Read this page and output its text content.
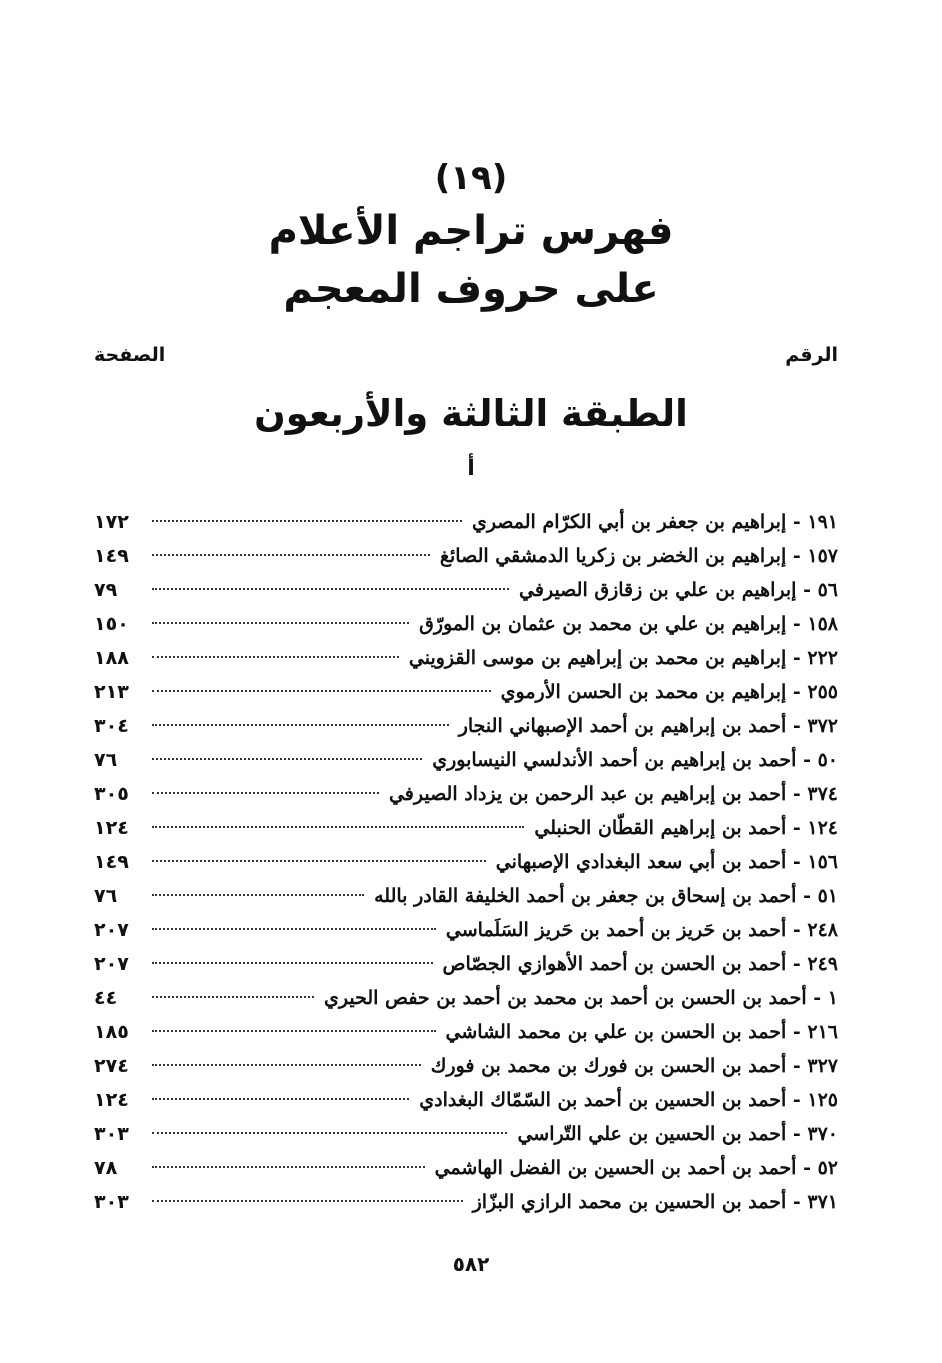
(١٩)
فهرس تراجم الأعلام
على حروف المعجم
الرقم
الصفحة
الطبقة الثالثة والأربعون
أ
١٩١ - إبراهيم بن جعفر بن أبي الكرّام المصري
١٧٢
١٥٧ - إبراهيم بن الخضر بن زكريا الدمشقي الصائغ
١٤٩
٥٦ - إبراهيم بن علي بن زقازق الصيرفي
٧٩
١٥٨ - إبراهيم بن علي بن محمد بن عثمان بن المورّق
١٥٠
٢٢٢ - إبراهيم بن محمد بن إبراهيم بن موسى القزويني
١٨٨
٢٥٥ - إبراهيم بن محمد بن الحسن الأرموي
٢١٣
٣٧٢ - أحمد بن إبراهيم بن أحمد الإصبهاني النجار
٣٠٤
٥٠ - أحمد بن إبراهيم بن أحمد الأندلسي النيسابوري
٧٦
٣٧٤ - أحمد بن إبراهيم بن عبد الرحمن بن يزداد الصيرفي
٣٠٥
١٢٤ - أحمد بن إبراهيم القطّان الحنبلي
١٢٤
١٥٦ - أحمد بن أبي سعد البغدادي الإصبهاني
١٤٩
٥١ - أحمد بن إسحاق بن جعفر بن أحمد الخليفة القادر بالله
٧٦
٢٤٨ - أحمد بن حَريز بن أحمد بن حَريز السَلَماسي
٢٠٧
٢٤٩ - أحمد بن الحسن بن أحمد الأهوازي الجصّاص
٢٠٧
١ - أحمد بن الحسن بن أحمد بن محمد بن أحمد بن حفص الحيري
٤٤
٢١٦ - أحمد بن الحسن بن علي بن محمد الشاشي
١٨٥
٣٢٧ - أحمد بن الحسن بن فورك بن محمد بن فورك
٢٧٤
١٢٥ - أحمد بن الحسين بن أحمد بن السّمّاك البغدادي
١٢٤
٣٧٠ - أحمد بن الحسين بن علي التّراسي
٣٠٣
٥٢ - أحمد بن أحمد بن الحسين بن الفضل الهاشمي
٧٨
٣٧١ - أحمد بن الحسين بن محمد الرازي البزّاز
٣٠٣
٥٨٢
